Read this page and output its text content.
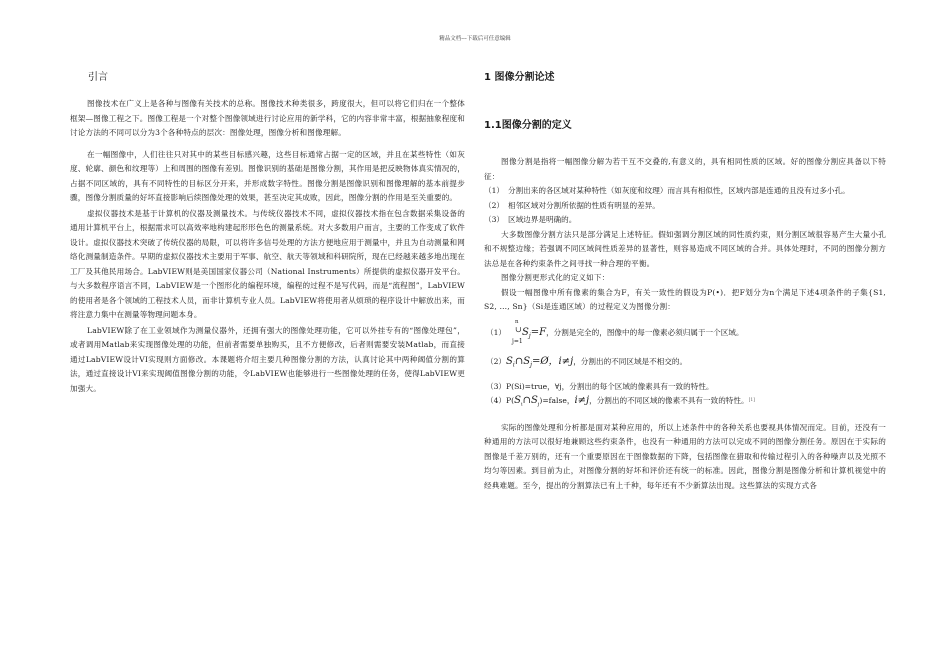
精品文档---下载后可任意编辑
引言

图像技术在广义上是各种与图像有关技术的总称。图像技术种类很多，跨度很大，但可以将它们归在一个整体框架—图像工程之下。图像工程是一个对整个图像领域进行讨论应用的新学科，它的内容非常丰富，根据抽象程度和讨论方法的不同可以分为3个各种特点的层次：图像处理，图像分析和图像理解。

在一幅图像中，人们往往只对其中的某些目标感兴趣，这些目标通常占据一定的区域，并且在某些特性（如灰度、轮廓、颜色和纹理等）上和周围的图像有差别。图像识别的基础是图像分割，其作用是把反映物体真实情况的，占据不同区域的，具有不同特性的目标区分开来，并形成数字特性。图像分割是图像识别和图像理解的基本前提步骤，图像分割质量的好坏直接影响后续图像处理的效果，甚至决定其成败，因此，图像分割的作用是至关重要的。

虚拟仪器技术是基于计算机的仪器及测量技术。与传统仪器技术不同，虚拟仪器技术指在包含数据采集设备的通用计算机平台上，根据需求可以高效率地构建起形形色色的测量系统。对大多数用户而言，主要的工作变成了软件设计。虚拟仪器技术突破了传统仪器的局限，可以将许多信号处理的方法方便地应用于测量中，并且为自动测量和网络化测量制造条件。早期的虚拟仪器技术主要用于军事、航空、航天等领域和科研院所，现在已经越来越多地出现在工厂及其他民用场合。LabVIEW则是美国国家仪器公司（National Instruments）所提供的虚拟仪器开发平台。与大多数程序语言不同，LabVIEW是一个图形化的编程环境，编程的过程不是写代码，而是“流程图”，LabVIEW的使用者是各个领域的工程技术人员，而非计算机专业人员。LabVIEW将使用者从烦琐的程序设计中解放出来，而将注意力集中在测量等物理问题本身。

LabVIEW除了在工业领域作为测量仪器外，还拥有强大的图像处理功能，它可以外挂专有的“图像处理包”，或者调用Matlab来实现图像处理的功能，但前者需要单独购买，且不方便修改，后者则需要安装Matlab，而直接通过LabVIEW设计VI实现则方面修改。本课题将介绍主要几种图像分割的方法，认真讨论其中两种阈值分割的算法，通过直接设计VI来实现阈值图像分割的功能，令LabVIEW也能够进行一些图像处理的任务，使得LabVIEW更加强大。

1 图像分割论述
1.1图像分割的定义

图像分割是指将一幅图像分解为若干互不交叠的,有意义的，具有相同性质的区域。好的图像分割应具备以下特征：

（1） 分割出来的各区域对某种特性（如灰度和纹理）而言具有相似性，区域内部是连通的且没有过多小孔。
（2） 相邻区域对分割所依据的性质有明显的差异。
（3） 区域边界是明确的。

大多数图像分割方法只是部分满足上述特征。假如强调分割区域的同性质约束，则分割区域很容易产生大量小孔和不规整边缘；若强调不同区域间性质差异的显著性，则容易造成不同区域的合并。具体处理时，不同的图像分割方法总是在各种约束条件之间寻找一种合理的平衡。

图像分割更形式化的定义如下：

假设一幅图像中所有像素的集合为F，有关一致性的假设为P(•)．把F划分为n个满足下述4项条件的子集{S1, S2, …, Sn}（Si是连通区域）的过程定义为图像分割：

（1）
n
∪
j=1
$S_j=F$，分割是完全的，图像中的每一像素必须归属于一个区域。
$(2)S_i\cap S_j=Ø$，i≠j，分割出的不同区域是不相交的。
（3）P(Si)=true，∀j，分割出的每个区域的像素具有一致的特性。
$(4)P(S_i\cap S_j)=false$，i≠j，分割出的不同区域的像素不具有一致的特性。[1]

实际的图像处理和分析都是面对某种应用的，所以上述条件中的各种关系也要视具体情况而定。目前，还没有一种通用的方法可以很好地兼顾这些约束条件，也没有一种通用的方法可以完成不同的图像分割任务。原因在于实际的图像是千差万别的，还有一个重要原因在于图像数据的下降，包括图像在猎取和传输过程引入的各种噪声以及光照不均匀等因素。到目前为止，对图像分割的好坏和评价还有统一的标准。因此，图像分割是图像分析和计算机视觉中的经典难题。至今，提出的分割算法已有上千种，每年还有不少新算法出现。这些算法的实现方式各
